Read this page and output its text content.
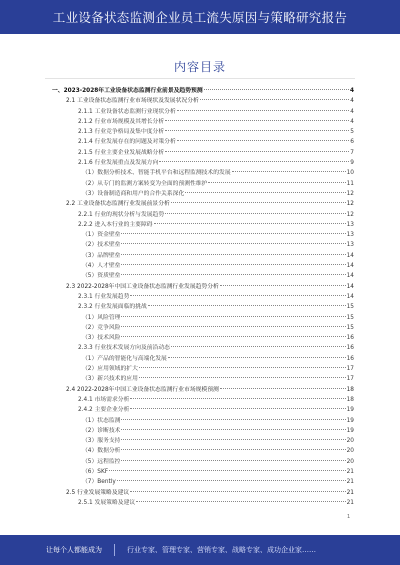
工业设备状态监测企业员工流失原因与策略研究报告
内容目录
一、2023-2028年工业设备状态监测行业前景及趋势预测	4
2.1 工业设备状态监测行业市场现状及发展状况分析	4
2.1.1 工业设备状态监测行业现状分析	4
2.1.2 行业市场规模及其增长分析	4
2.1.3 行业竞争格局及集中度分析	5
2.1.4 行业发展存在的问题及对策分析	6
2.1.5 行业主要企业发展战略分析	7
2.1.6 行业发展重点及发展方向	9
（1）数据分析技术、智能手机平台和远程监测技术的发展	10
（2）从专门的监测方案转变为全面的预测性维护	11
（3）设备制造商和用户的合作关系深化	12
2.2 工业设备状态监测行业发展前景分析	12
2.2.1 行业的现状分析与发展趋势	12
2.2.2 进入本行业的主要障碍	13
（1）资金壁垒	13
（2）技术壁垒	13
（3）品牌壁垒	14
（4）人才壁垒	14
（5）资质壁垒	14
2.3 2022-2028年中国工业设备状态监测行业发展趋势分析	14
2.3.1 行业发展趋势	14
2.3.2 行业发展面临的挑战	15
（1）风险管理	15
（2）竞争风险	15
（3）技术风险	16
2.3.3 行业技术发展方向及前沿动态	16
（1）产品的智能化与高端化发展	16
（2）应用领域的扩大	17
（3）新兴技术的应用	17
2.4 2022-2028年中国工业设备状态监测行业市场规模预测	18
2.4.1 市场需求分析	18
2.4.2 主要企业分析	19
（1）状态监测	19
（2）诊断技术	19
（3）服务支持	20
（4）数据分析	20
（5）远程监控	20
（6）SKF	21
（7）Bently	21
2.5 行业发展策略及建议	21
2.5.1 发展策略及建议	21
1
让每个人都能成为	行业专家、管理专家、营销专家、战略专家、成功企业家……
